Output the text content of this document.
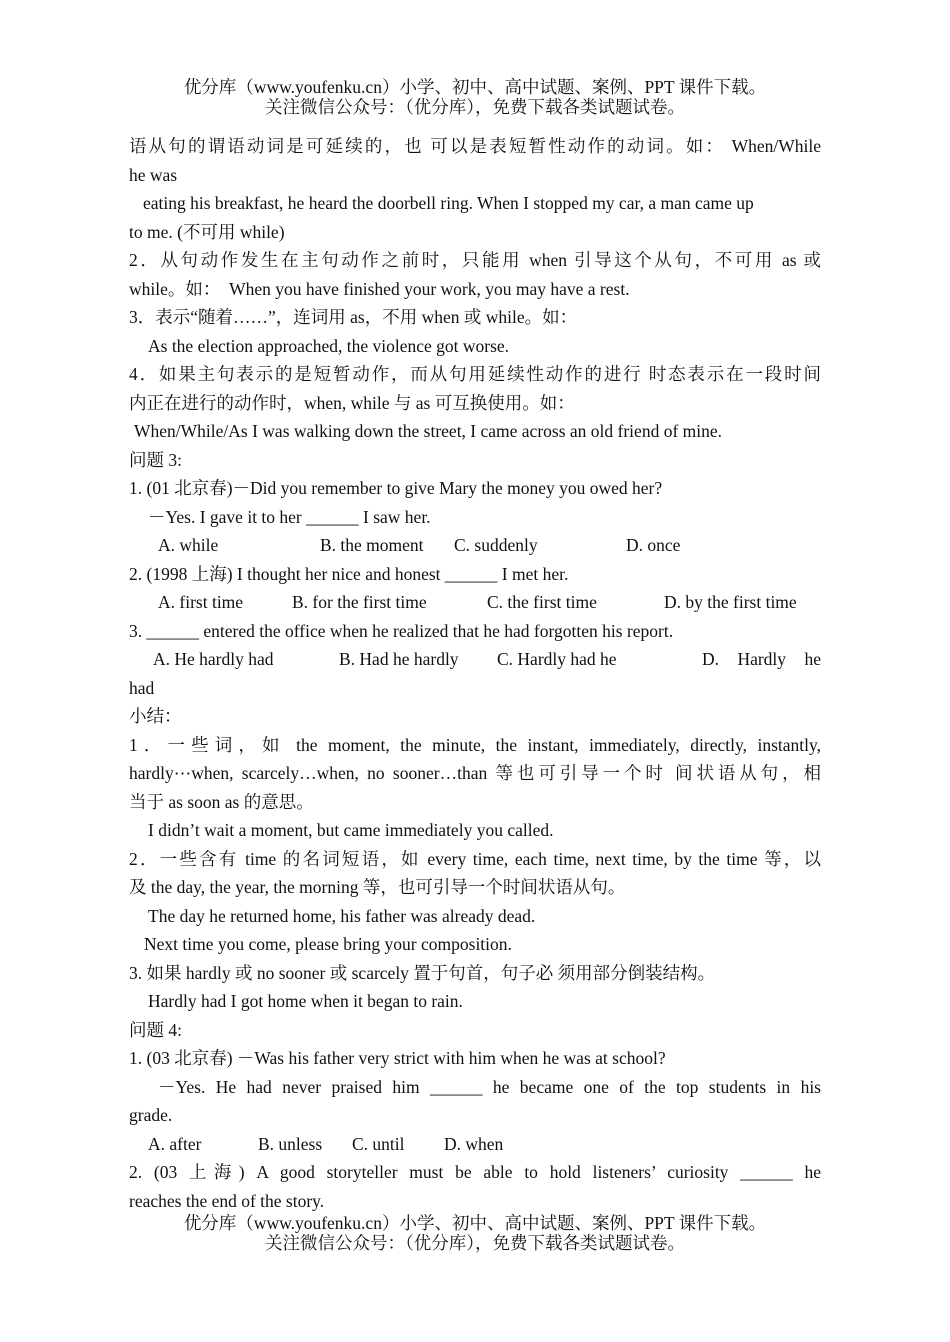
优分库（www.youfenku.cn）小学、初中、高中试题、案例、PPT 课件下载。
关注微信公众号：（优分库），免费下载各类试题试卷。
语从句的谓语动词是可延续的，也 可以是表短暂性动作的动词。如： When/While
he was
eating his breakfast, he heard the doorbell ring. When I stopped my car, a man came up
to me. (不可用 while)
2．从句动作发生在主句动作之前时，只能用 when 引导这个从句，不可用 as 或
while。如：　When you have finished your work, you may have a rest.
3．表示“随着……”，连词用 as，不用 when 或 while。如：
As the election approached, the violence got worse.
4．如果主句表示的是短暂动作，而从句用延续性动作的进行 时态表示在一段时间
内正在进行的动作时，when, while 与 as 可互换使用。如：
When/While/As I was walking down the street, I came across an old friend of mine.
问题 3:
1. (01 北京春)－Did you remember to give Mary the money you owed her?
－Yes. I gave it to her ______ I saw her.
A. while	B. the moment	C. suddenly	D. once
2. (1998 上海) I thought her nice and honest ______ I met her.
A. first time	B. for the first time	C. the first time	D. by the first time
3. ______ entered the office when he realized that he had forgotten his report.
A. He hardly had	B. Had he hardly	C. Hardly had he	D.   Hardly   he
had
小结：
1．一些词，如 the moment, the minute, the instant, immediately, directly, instantly,
hardly⋯when, scarcely…when, no sooner…than 等也可引导一个时 间状语从句，相
当于 as soon as 的意思。
I didn’t wait a moment, but came immediately you called.
2．一些含有 time 的名词短语，如 every time, each time, next time, by the time 等，以
及 the day, the year, the morning 等，也可引导一个时间状语从句。
The day he returned home, his father was already dead.
Next time you come, please bring your composition.
3. 如果 hardly 或 no sooner 或 scarcely 置于句首，句子必 须用部分倒装结构。
Hardly had I got home when it began to rain.
问题 4:
1. (03 北京春) －Was his father very strict with him when he was at school?
－Yes. He had never praised him ______ he became one of the top students in his
grade.
A. after	B. unless	C. until	D. when
2. (03 上海) A good storyteller must be able to hold listeners’ curiosity ______ he
reaches the end of the story.
优分库（www.youfenku.cn）小学、初中、高中试题、案例、PPT 课件下载。
关注微信公众号：（优分库），免费下载各类试题试卷。
